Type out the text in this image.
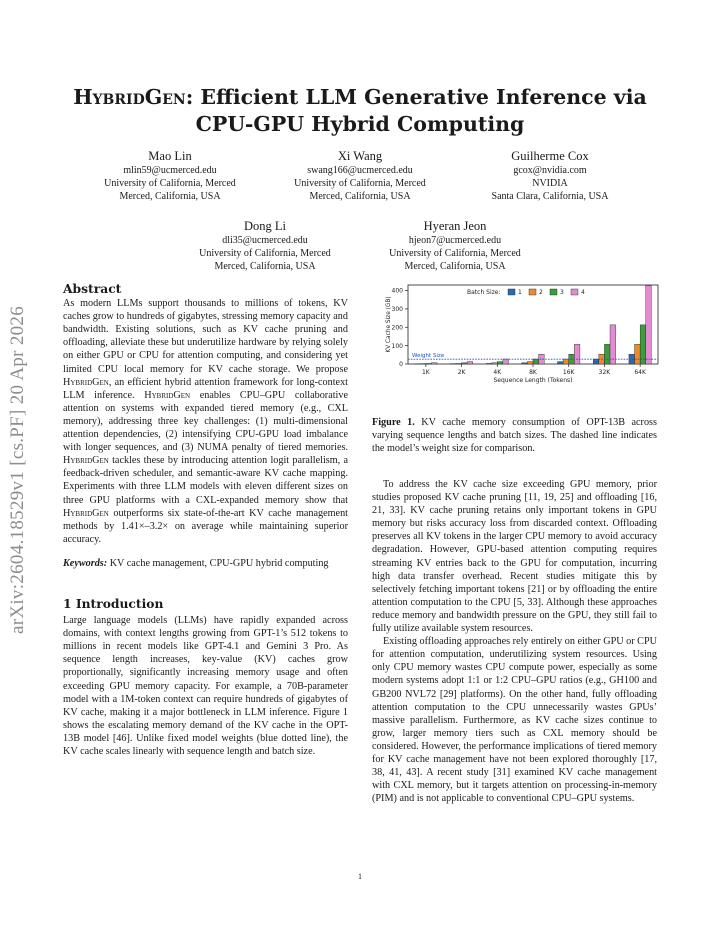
arXiv:2604.18529v1 [cs.PF] 20 Apr 2026
HybridGen: Efficient LLM Generative Inference via
CPU-GPU Hybrid Computing
Mao Lin
mlin59@ucmerced.edu
University of California, Merced
Merced, California, USA
Xi Wang
swang166@ucmerced.edu
University of California, Merced
Merced, California, USA
Guilherme Cox
gcox@nvidia.com
NVIDIA
Santa Clara, California, USA
Dong Li
dli35@ucmerced.edu
University of California, Merced
Merced, California, USA
Hyeran Jeon
hjeon7@ucmerced.edu
University of California, Merced
Merced, California, USA
Abstract

As modern LLMs support thousands to millions of tokens, KV caches grow to hundreds of gigabytes, stressing memory capacity and bandwidth. Existing solutions, such as KV cache pruning and offloading, alleviate these but underutilize hardware by relying solely on either GPU or CPU for attention computing, and considering yet limited CPU local memory for KV cache storage. We propose HybridGen, an efficient hybrid attention framework for long-context LLM inference. HybridGen enables CPU–GPU collaborative attention on systems with expanded tiered memory (e.g., CXL memory), addressing three key challenges: (1) multi-dimensional attention dependencies, (2) intensifying CPU-GPU load imbalance with longer sequences, and (3) NUMA penalty of tiered memories. HybridGen tackles these by introducing attention logit parallelism, a feedback-driven scheduler, and semantic-aware KV cache mapping. Experiments with three LLM models with eleven different sizes on three GPU platforms with a CXL-expanded memory show that HybridGen outperforms six state-of-the-art KV cache management methods by 1.41×–3.2× on average while maintaining superior accuracy.

Keywords: KV cache management, CPU-GPU hybrid computing

1 Introduction

Large language models (LLMs) have rapidly expanded across domains, with context lengths growing from GPT-1’s 512 tokens to millions in recent models like GPT-4.1 and Gemini 3 Pro. As sequence length increases, key-value (KV) caches grow proportionally, significantly increasing memory usage and often exceeding GPU memory capacity. For example, a 70B-parameter model with a 1M-token context can require hundreds of gigabytes of KV cache, making it a major bottleneck in LLM inference. Figure 1 shows the escalating memory demand of the KV cache in the OPT-13B model [46]. Unlike fixed model weights (blue dotted line), the KV cache scales linearly with sequence length and batch size.

0
100
200
300
400
1K	2K	4K	8K	16K	32K	64K
Weight Size
Sequence Length (Tokens)
KV Cache Size (GB)
Batch Size:	1	2	3	4
Figure 1. KV cache memory consumption of OPT-13B across varying sequence lengths and batch sizes. The dashed line indicates the model’s weight size for comparison.

To address the KV cache size exceeding GPU memory, prior studies proposed KV cache pruning [11, 19, 25] and offloading [16, 21, 33]. KV cache pruning retains only important tokens in GPU memory but risks accuracy loss from discarded context. Offloading preserves all KV tokens in the larger CPU memory to avoid accuracy degradation. However, GPU-based attention computing requires streaming KV entries back to the GPU for computation, incurring high data transfer overhead. Recent studies mitigate this by selectively fetching important tokens [21] or by offloading the entire attention computation to the CPU [5, 33]. Although these approaches reduce memory and bandwidth pressure on the GPU, they still fail to fully utilize available system resources.

Existing offloading approaches rely entirely on either GPU or CPU for attention computation, underutilizing system resources. Using only CPU memory wastes CPU compute power, especially as some modern systems adopt 1:1 or 1:2 CPU–GPU ratios (e.g., GH100 and GB200 NVL72 [29] platforms). On the other hand, fully offloading attention computation to the CPU unnecessarily wastes GPUs’ massive parallelism. Furthermore, as KV cache sizes continue to grow, larger memory tiers such as CXL memory should be considered. However, the performance implications of tiered memory for KV cache management have not been explored thoroughly [17, 38, 41, 43]. A recent study [31] examined KV cache management with CXL memory, but it targets attention on processing-in-memory (PIM) and is not applicable to conventional CPU–GPU systems.

1
